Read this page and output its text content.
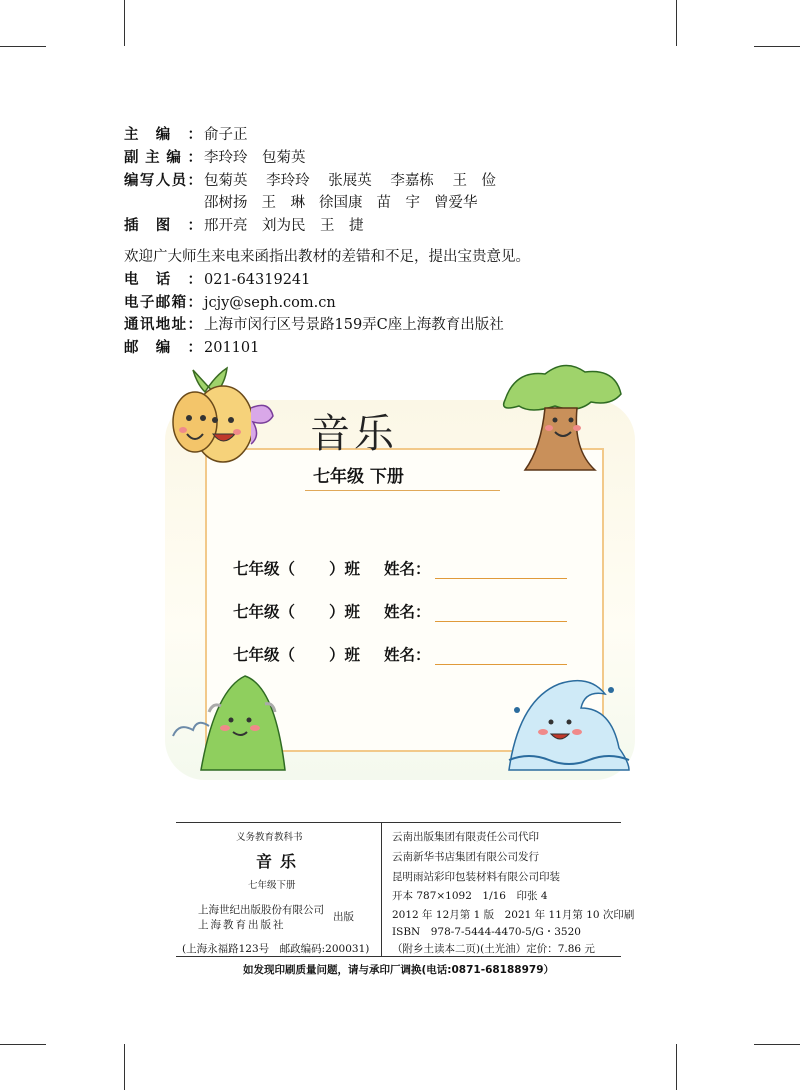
主编： 俞子正
副主编： 李玲玲　包菊英
编写人员： 包菊英 李玲玲 张展英 李嘉栋 王　俭
邵树扬 王　琳 徐国康 苗　宇 曾爱华
插图： 邢开亮　刘为民　王　捷
欢迎广大师生来电来函指出教材的差错和不足，提出宝贵意见。
电话： 021-64319241
电子邮箱： jcjy@seph.com.cn
通讯地址： 上海市闵行区号景路159弄C座上海教育出版社
邮编： 201101
音乐
七年级 下册
七年级（ ）班 姓名：
七年级（ ）班 姓名：
七年级（ ）班 姓名：
义务教育教科书
音乐
七年级下册
上海世纪出版股份有限公司
上海教育出版社
出版
(上海永福路123号　邮政编码:200031)
云南出版集团有限责任公司代印
云南新华书店集团有限公司发行
昆明雨站彩印包装材料有限公司印装
开本 787×1092　1/16　印张 4
2012 年 12月第 1 版　2021 年 11月第 10 次印刷
ISBN　978-7-5444-4470-5/G・3520
（附乡土读本二页)(土光油）定价：7.86 元
如发现印刷质量问题，请与承印厂调换(电话:0871-68188979）
